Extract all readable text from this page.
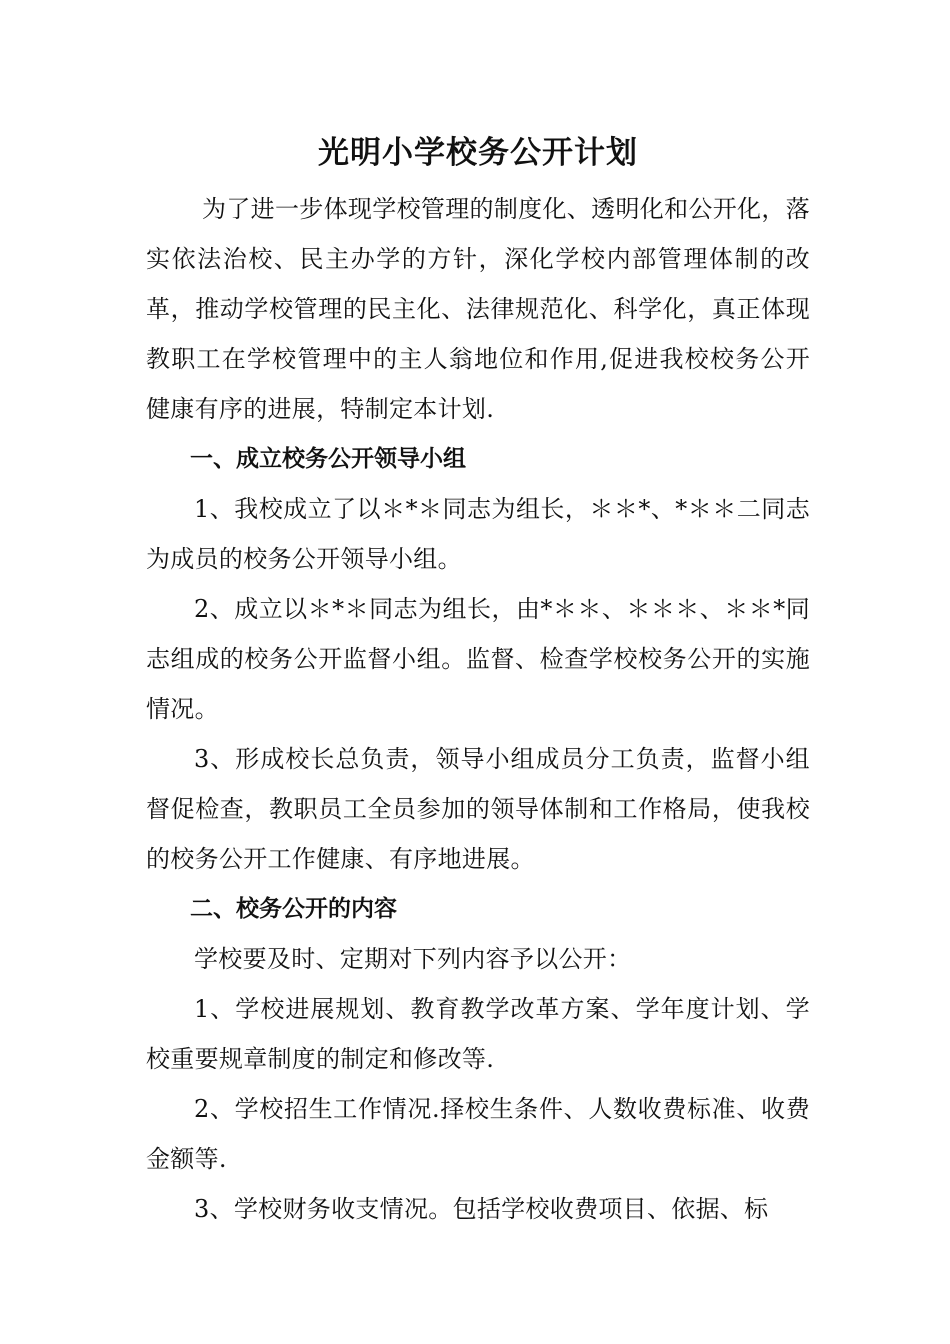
光明小学校务公开计划

为了进一步体现学校管理的制度化、透明化和公开化，落实依法治校、民主办学的方针，深化学校内部管理体制的改革，推动学校管理的民主化、法律规范化、科学化，真正体现教职工在学校管理中的主人翁地位和作用,促进我校校务公开健康有序的进展，特制定本计划.

一、成立校务公开领导小组

1、我校成立了以＊*＊同志为组长，＊＊*、*＊＊二同志为成员的校务公开领导小组。

2、成立以＊*＊同志为组长，由*＊＊、＊＊＊、＊＊*同志组成的校务公开监督小组。监督、检查学校校务公开的实施情况。

3、形成校长总负责，领导小组成员分工负责，监督小组督促检查，教职员工全员参加的领导体制和工作格局，使我校的校务公开工作健康、有序地进展。

二、校务公开的内容

学校要及时、定期对下列内容予以公开：

1、学校进展规划、教育教学改革方案、学年度计划、学校重要规章制度的制定和修改等.

2、学校招生工作情况.择校生条件、人数收费标准、收费金额等.

3、学校财务收支情况。包括学校收费项目、依据、标
